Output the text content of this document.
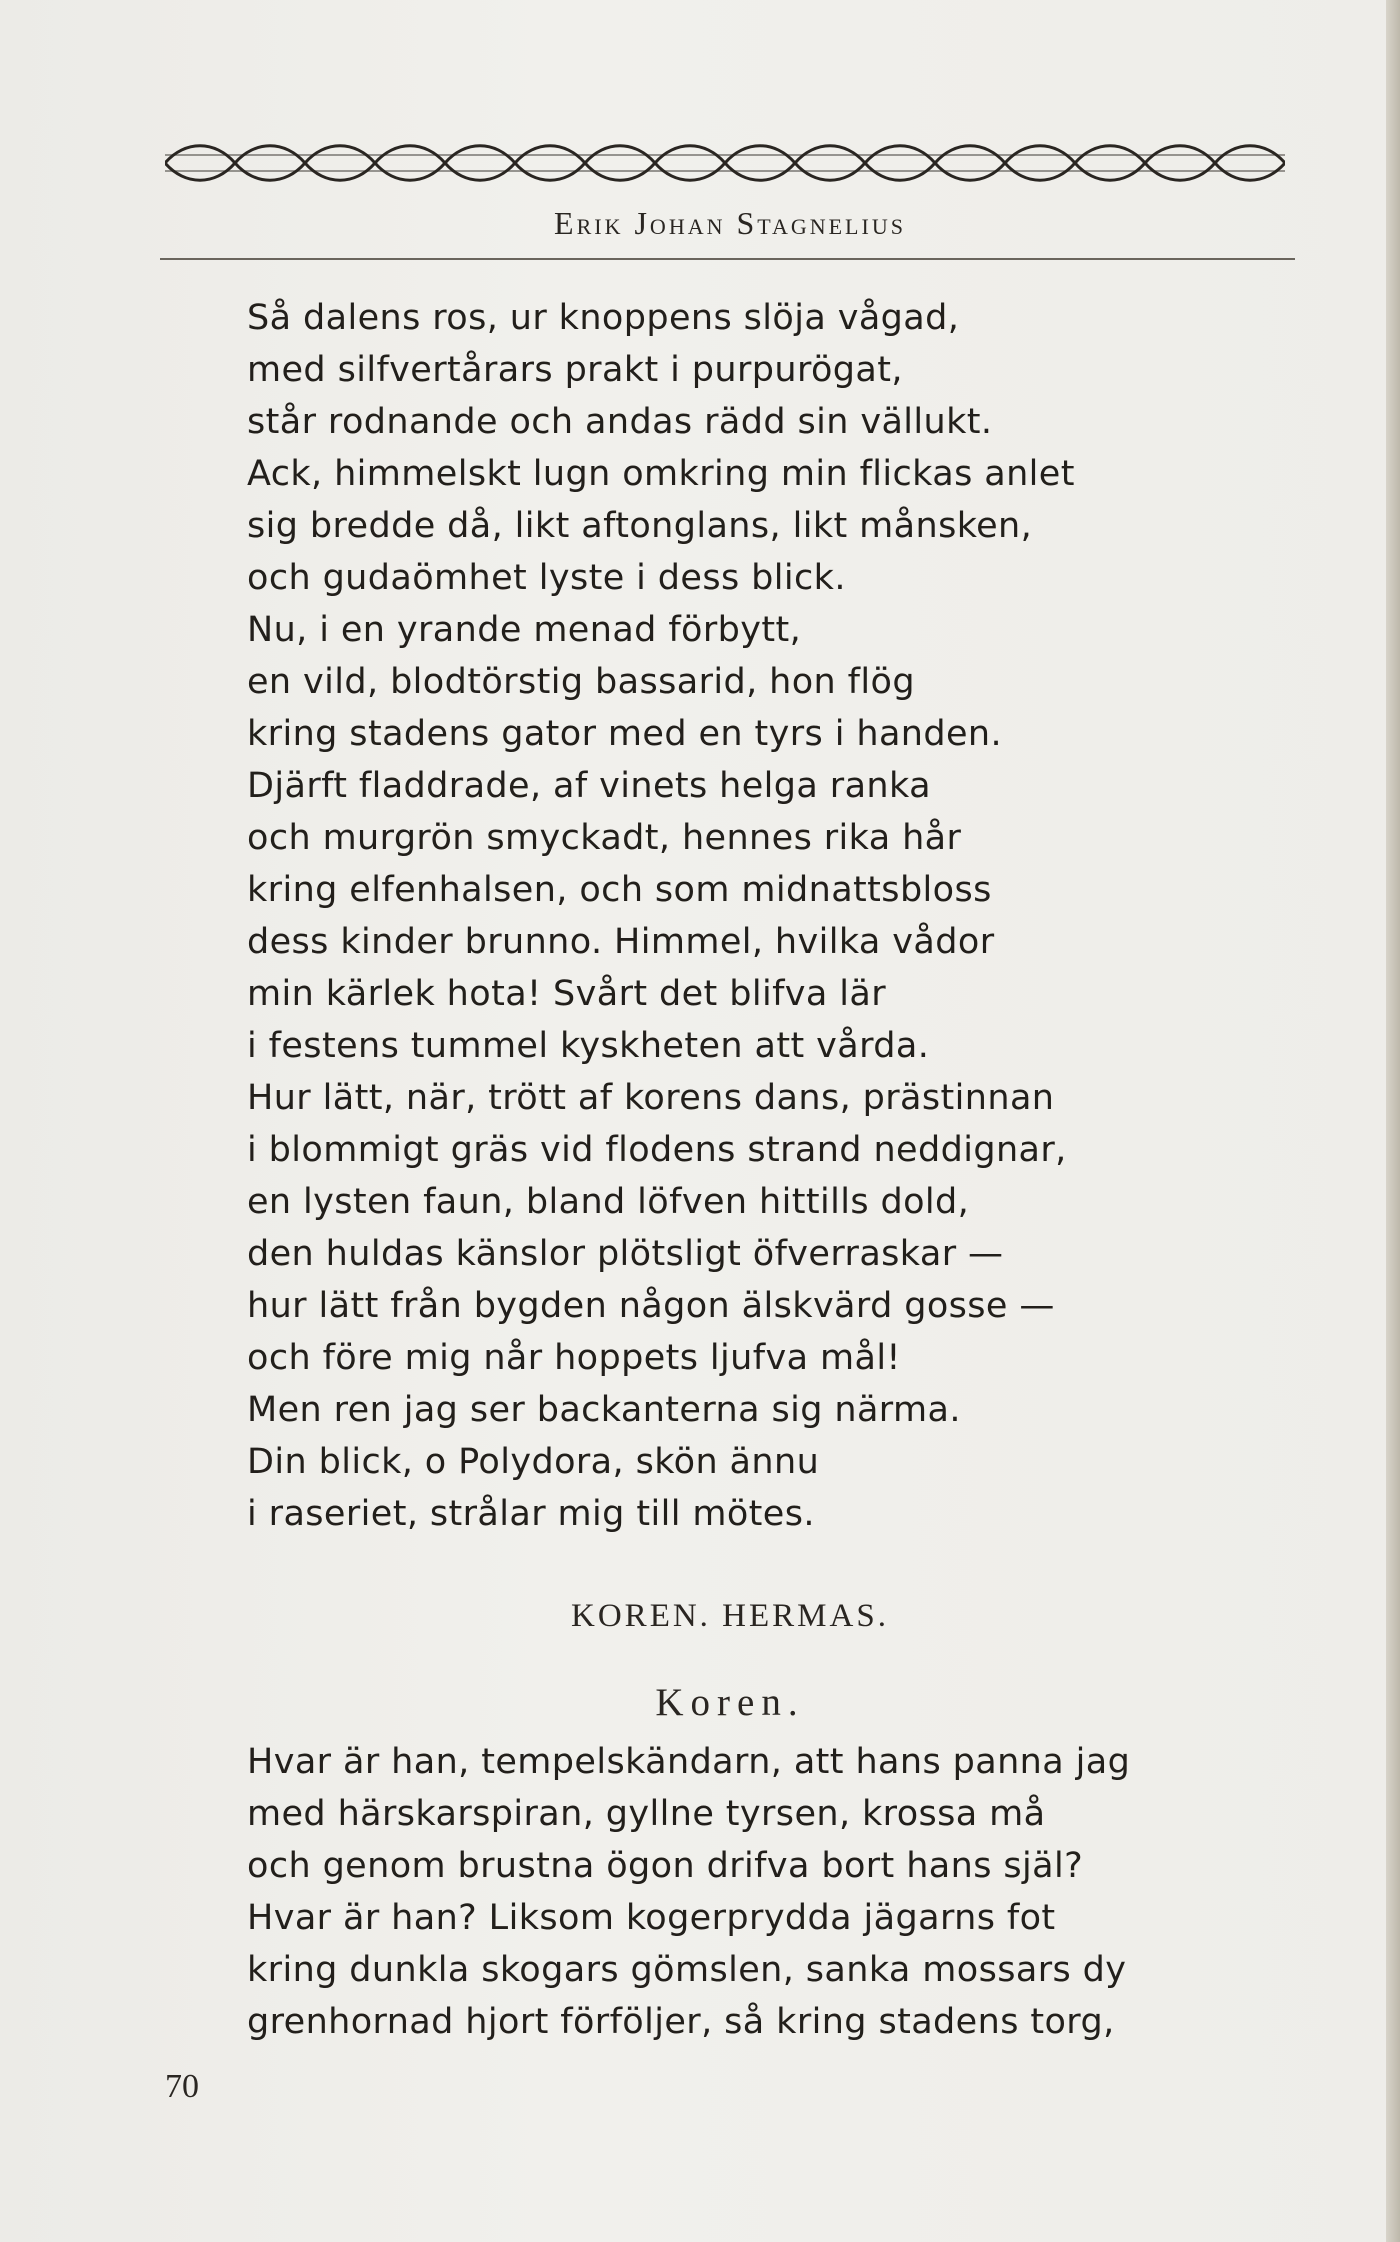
Erik Johan Stagnelius
Så dalens ros, ur knoppens slöja vågad,
med silfvertårars prakt i purpurögat,
står rodnande och andas rädd sin vällukt.
Ack, himmelskt lugn omkring min flickas anlet
sig bredde då, likt aftonglans, likt månsken,
och gudaömhet lyste i dess blick.
Nu, i en yrande menad förbytt,
en vild, blodtörstig bassarid, hon flög
kring stadens gator med en tyrs i handen.
Djärft fladdrade, af vinets helga ranka
och murgrön smyckadt, hennes rika hår
kring elfenhalsen, och som midnattsbloss
dess kinder brunno. Himmel, hvilka vådor
min kärlek hota! Svårt det blifva lär
i festens tummel kyskheten att vårda.
Hur lätt, när, trött af korens dans, prästinnan
i blommigt gräs vid flodens strand neddignar,
en lysten faun, bland löfven hittills dold,
den huldas känslor plötsligt öfverraskar —
hur lätt från bygden någon älskvärd gosse —
och före mig når hoppets ljufva mål!
Men ren jag ser backanterna sig närma.
Din blick, o Polydora, skön ännu
i raseriet, strålar mig till mötes.
KOREN. HERMAS.
Koren.
Hvar är han, tempelskändarn, att hans panna jag
med härskarspiran, gyllne tyrsen, krossa må
och genom brustna ögon drifva bort hans själ?
Hvar är han? Liksom kogerprydda jägarns fot
kring dunkla skogars gömslen, sanka mossars dy
grenhornad hjort förföljer, så kring stadens torg,
70
